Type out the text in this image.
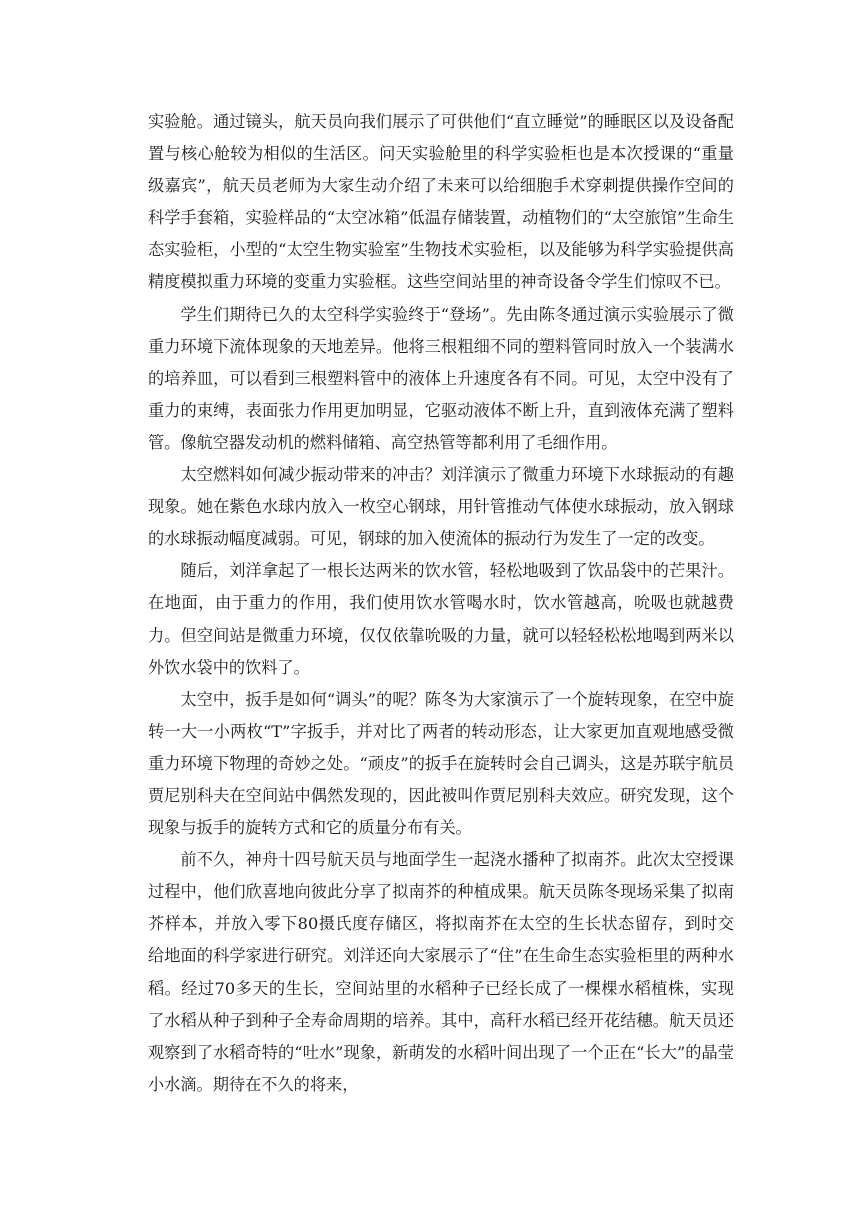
实验舱。通过镜头，航天员向我们展示了可供他们“直立睡觉”的睡眠区以及设备配置与核心舱较为相似的生活区。问天实验舱里的科学实验柜也是本次授课的“重量级嘉宾”，航天员老师为大家生动介绍了未来可以给细胞手术穿刺提供操作空间的科学手套箱，实验样品的“太空冰箱”低温存储装置，动植物们的“太空旅馆”生命生态实验柜，小型的“太空生物实验室”生物技术实验柜，以及能够为科学实验提供高精度模拟重力环境的变重力实验框。这些空间站里的神奇设备令学生们惊叹不已。

学生们期待已久的太空科学实验终于“登场”。先由陈冬通过演示实验展示了微重力环境下流体现象的天地差异。他将三根粗细不同的塑料管同时放入一个装满水的培养皿，可以看到三根塑料管中的液体上升速度各有不同。可见，太空中没有了重力的束缚，表面张力作用更加明显，它驱动液体不断上升，直到液体充满了塑料管。像航空器发动机的燃料储箱、高空热管等都利用了毛细作用。

太空燃料如何减少振动带来的冲击？刘洋演示了微重力环境下水球振动的有趣现象。她在紫色水球内放入一枚空心钢球，用针管推动气体使水球振动，放入钢球的水球振动幅度减弱。可见，钢球的加入使流体的振动行为发生了一定的改变。

随后，刘洋拿起了一根长达两米的饮水管，轻松地吸到了饮品袋中的芒果汁。在地面，由于重力的作用，我们使用饮水管喝水时，饮水管越高，吮吸也就越费力。但空间站是微重力环境，仅仅依靠吮吸的力量，就可以轻轻松松地喝到两米以外饮水袋中的饮料了。

太空中，扳手是如何“调头”的呢？陈冬为大家演示了一个旋转现象，在空中旋转一大一小两枚“T”字扳手，并对比了两者的转动形态，让大家更加直观地感受微重力环境下物理的奇妙之处。“顽皮”的扳手在旋转时会自己调头，这是苏联宇航员贾尼别科夫在空间站中偶然发现的，因此被叫作贾尼别科夫效应。研究发现，这个现象与扳手的旋转方式和它的质量分布有关。

前不久，神舟十四号航天员与地面学生一起浇水播种了拟南芥。此次太空授课过程中，他们欣喜地向彼此分享了拟南芥的种植成果。航天员陈冬现场采集了拟南芥样本，并放入零下80摄氏度存储区，将拟南芥在太空的生长状态留存，到时交给地面的科学家进行研究。刘洋还向大家展示了“住”在生命生态实验柜里的两种水稻。经过70多天的生长，空间站里的水稻种子已经长成了一棵棵水稻植株，实现了水稻从种子到种子全寿命周期的培养。其中，高秆水稻已经开花结穗。航天员还观察到了水稻奇特的“吐水”现象，新萌发的水稻叶间出现了一个正在“长大”的晶莹小水滴。期待在不久的将来，
